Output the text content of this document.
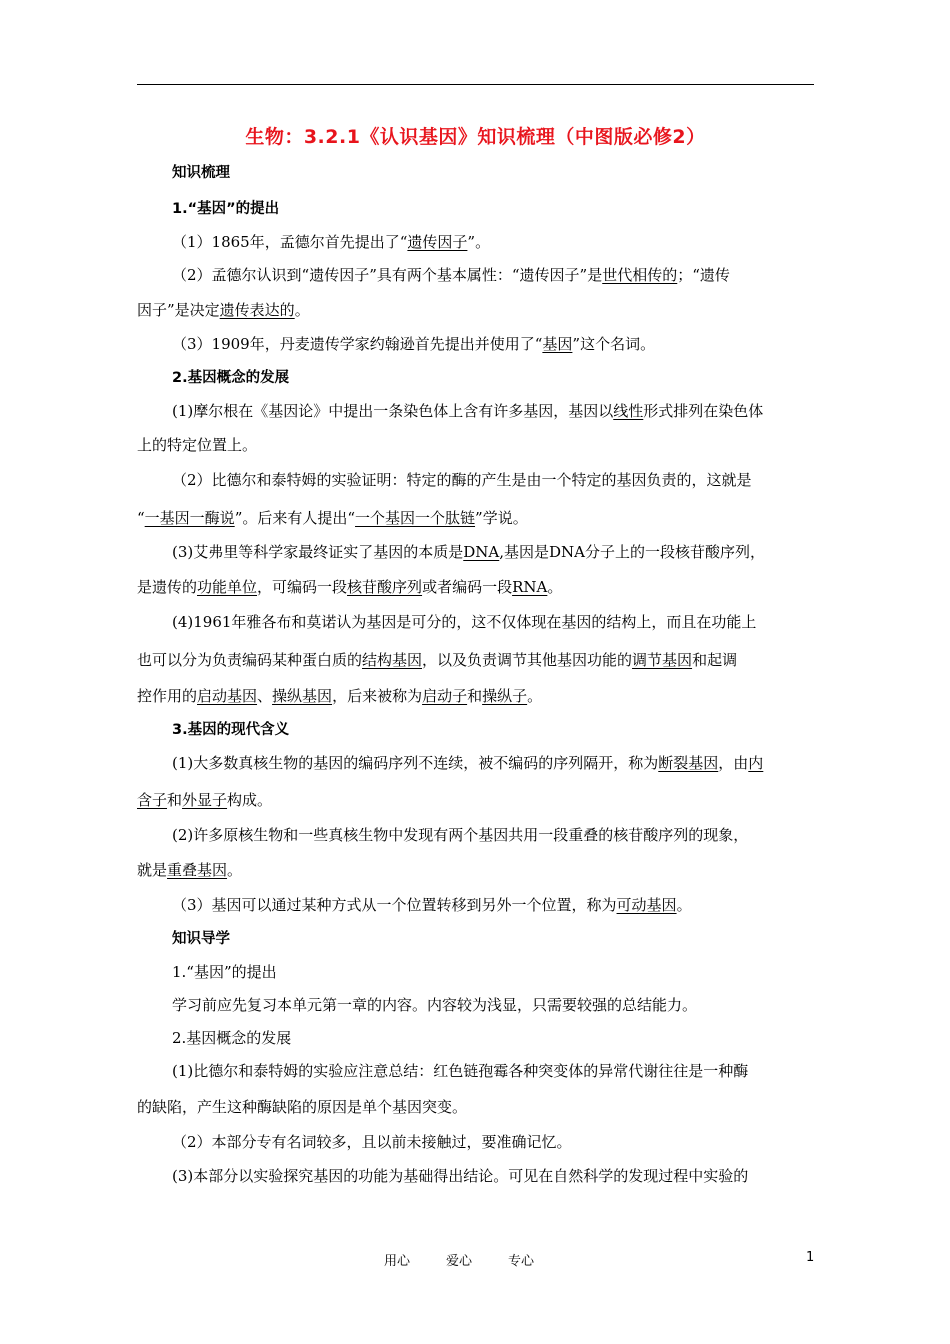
生物：3.2.1《认识基因》知识梳理（中图版必修2）
知识梳理
1.“基因”的提出
（1）1865年，孟德尔首先提出了“遗传因子”。
（2）孟德尔认识到“遗传因子”具有两个基本属性：“遗传因子”是世代相传的；“遗传
因子”是决定遗传表达的。
（3）1909年，丹麦遗传学家约翰逊首先提出并使用了“基因”这个名词。
2.基因概念的发展
(1)摩尔根在《基因论》中提出一条染色体上含有许多基因，基因以线性形式排列在染色体
上的特定位置上。
（2）比德尔和泰特姆的实验证明：特定的酶的产生是由一个特定的基因负责的，这就是
“一基因一酶说”。后来有人提出“一个基因一个肽链”学说。
(3)艾弗里等科学家最终证实了基因的本质是DNA,基因是DNA分子上的一段核苷酸序列，
是遗传的功能单位，可编码一段核苷酸序列或者编码一段RNA。
(4)1961年雅各布和莫诺认为基因是可分的，这不仅体现在基因的结构上，而且在功能上
也可以分为负责编码某种蛋白质的结构基因，以及负责调节其他基因功能的调节基因和起调
控作用的启动基因、操纵基因，后来被称为启动子和操纵子。
3.基因的现代含义
(1)大多数真核生物的基因的编码序列不连续，被不编码的序列隔开，称为断裂基因，由内
含子和外显子构成。
(2)许多原核生物和一些真核生物中发现有两个基因共用一段重叠的核苷酸序列的现象，
就是重叠基因。
（3）基因可以通过某种方式从一个位置转移到另外一个位置，称为可动基因。
知识导学
1.“基因”的提出
学习前应先复习本单元第一章的内容。内容较为浅显，只需要较强的总结能力。
2.基因概念的发展
(1)比德尔和泰特姆的实验应注意总结：红色链孢霉各种突变体的异常代谢往往是一种酶
的缺陷，产生这种酶缺陷的原因是单个基因突变。
（2）本部分专有名词较多，且以前未接触过，要准确记忆。
(3)本部分以实验探究基因的功能为基础得出结论。可见在自然科学的发现过程中实验的
用心	爱心	专心	1
